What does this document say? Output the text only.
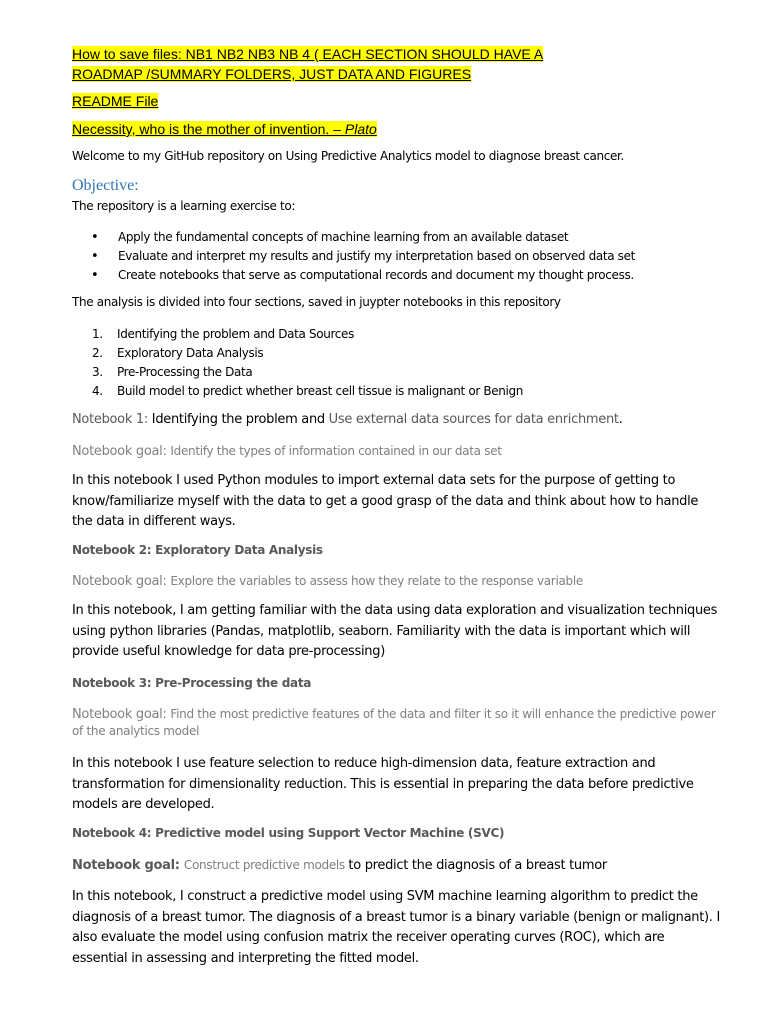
How to save files: NB1 NB2 NB3 NB 4 ( EACH SECTION SHOULD HAVE A
ROADMAP /SUMMARY FOLDERS, JUST DATA AND FIGURES
README File
Necessity, who is the mother of invention. – Plato
Welcome to my GitHub repository on Using Predictive Analytics model to diagnose breast cancer.
Objective:
The repository is a learning exercise to:
• Apply the fundamental concepts of machine learning from an available dataset
• Evaluate and interpret my results and justify my interpretation based on observed data set
• Create notebooks that serve as computational records and document my thought process.
The analysis is divided into four sections, saved in juypter notebooks in this repository
1. Identifying the problem and Data Sources
2. Exploratory Data Analysis
3. Pre-Processing the Data
4. Build model to predict whether breast cell tissue is malignant or Benign
Notebook 1: Identifying the problem and Use external data sources for data enrichment.
Notebook goal: Identify the types of information contained in our data set
In this notebook I used Python modules to import external data sets for the purpose of getting to know/familiarize myself with the data to get a good grasp of the data and think about how to handle the data in different ways.
Notebook 2: Exploratory Data Analysis
Notebook goal: Explore the variables to assess how they relate to the response variable
In this notebook, I am getting familiar with the data using data exploration and visualization techniques using python libraries (Pandas, matplotlib, seaborn. Familiarity with the data is important which will provide useful knowledge for data pre-processing)
Notebook 3: Pre-Processing the data
Notebook goal: Find the most predictive features of the data and filter it so it will enhance the predictive power of the analytics model
In this notebook I use feature selection to reduce high-dimension data, feature extraction and transformation for dimensionality reduction. This is essential in preparing the data before predictive models are developed.
Notebook 4: Predictive model using Support Vector Machine (SVC)
Notebook goal: Construct predictive models to predict the diagnosis of a breast tumor
In this notebook, I construct a predictive model using SVM machine learning algorithm to predict the diagnosis of a breast tumor. The diagnosis of a breast tumor is a binary variable (benign or malignant). I also evaluate the model using confusion matrix the receiver operating curves (ROC), which are essential in assessing and interpreting the fitted model.
